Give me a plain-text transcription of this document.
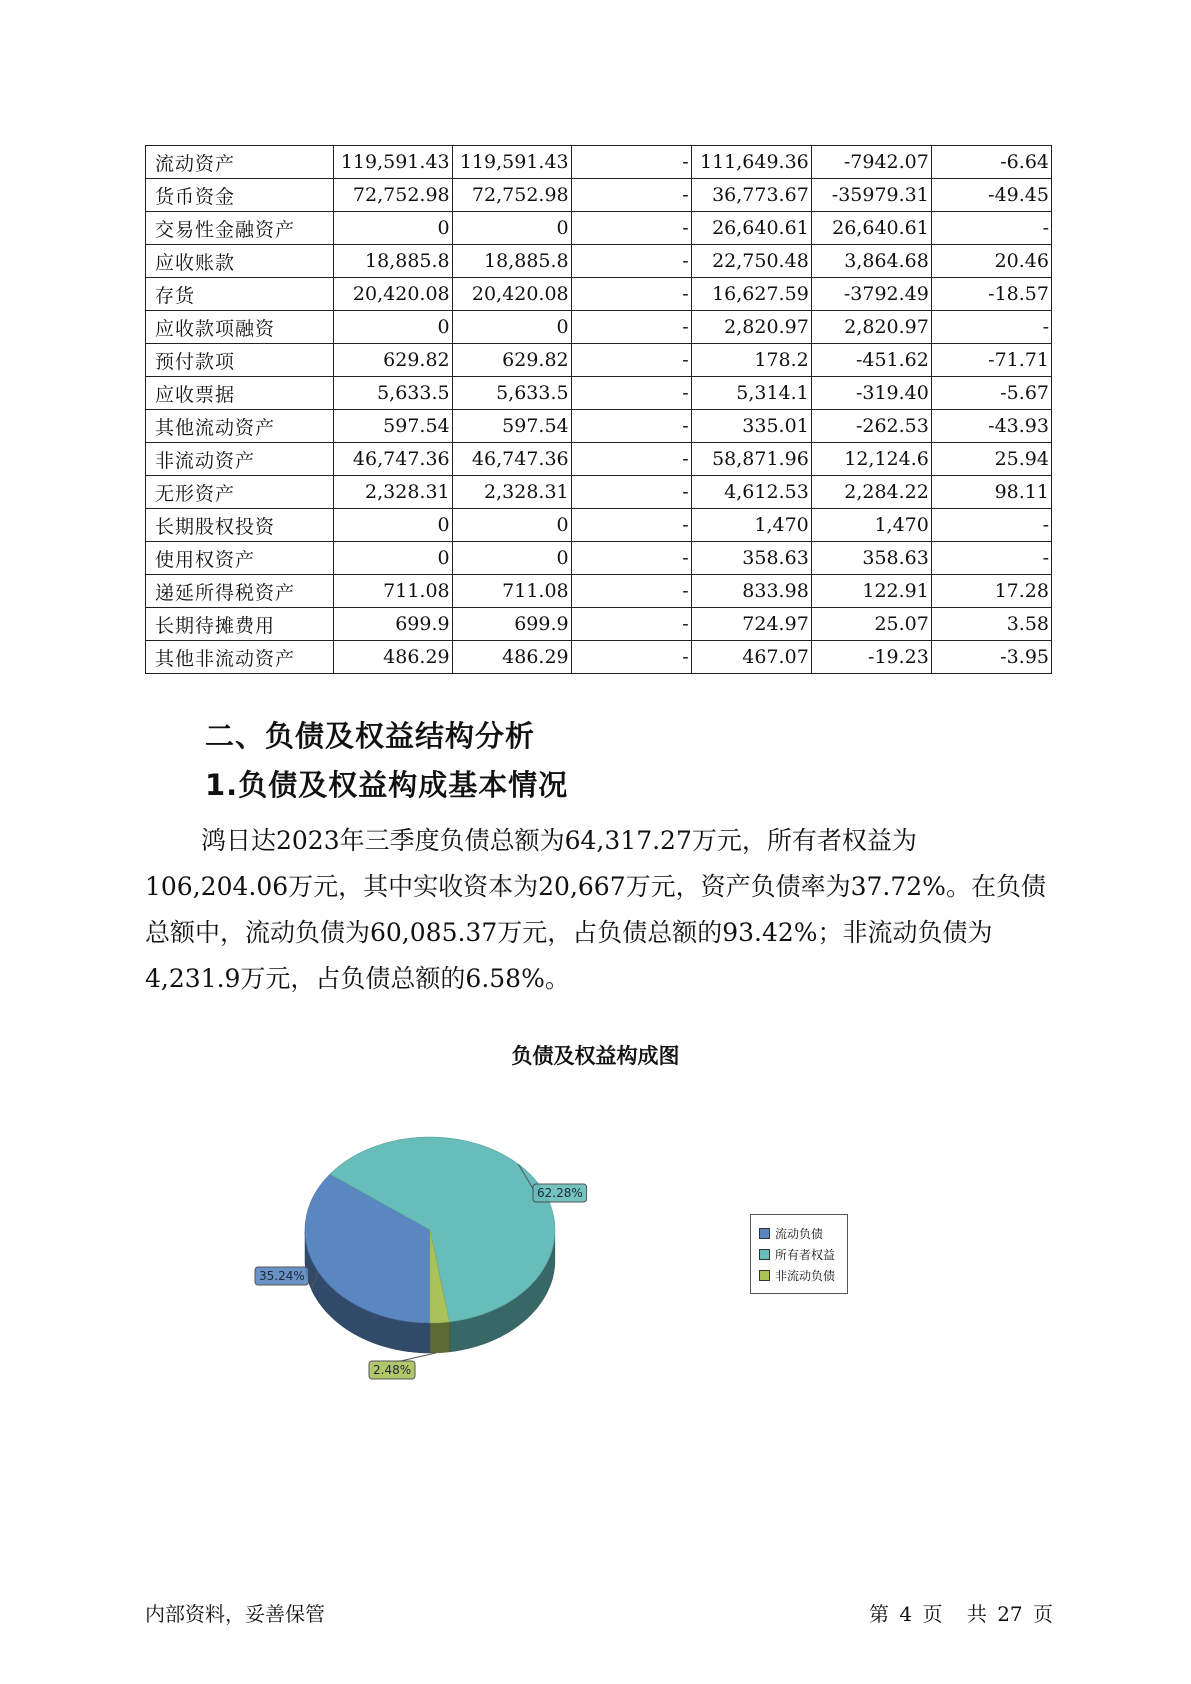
流动资产	119,591.43	119,591.43	-	111,649.36	-7942.07	-6.64
货币资金	72,752.98	72,752.98	-	36,773.67	-35979.31	-49.45
交易性金融资产	0	0	-	26,640.61	26,640.61	-
应收账款	18,885.8	18,885.8	-	22,750.48	3,864.68	20.46
存货	20,420.08	20,420.08	-	16,627.59	-3792.49	-18.57
应收款项融资	0	0	-	2,820.97	2,820.97	-
预付款项	629.82	629.82	-	178.2	-451.62	-71.71
应收票据	5,633.5	5,633.5	-	5,314.1	-319.40	-5.67
其他流动资产	597.54	597.54	-	335.01	-262.53	-43.93
非流动资产	46,747.36	46,747.36	-	58,871.96	12,124.6	25.94
无形资产	2,328.31	2,328.31	-	4,612.53	2,284.22	98.11
长期股权投资	0	0	-	1,470	1,470	-
使用权资产	0	0	-	358.63	358.63	-
递延所得税资产	711.08	711.08	-	833.98	122.91	17.28
长期待摊费用	699.9	699.9	-	724.97	25.07	3.58
其他非流动资产	486.29	486.29	-	467.07	-19.23	-3.95
二、负债及权益结构分析
1.负债及权益构成基本情况
鸿日达2023年三季度负债总额为64,317.27万元，所有者权益为106,204.06万元，其中实收资本为20,667万元，资产负债率为37.72%。在负债总额中，流动负债为60,085.37万元，占负债总额的93.42%；非流动负债为4,231.9万元，占负债总额的6.58%。
负债及权益构成图
35.24%
62.28%
2.48%
流动负债
所有者权益
非流动负债
内部资料，妥善保管	第 4 页 共 27 页
